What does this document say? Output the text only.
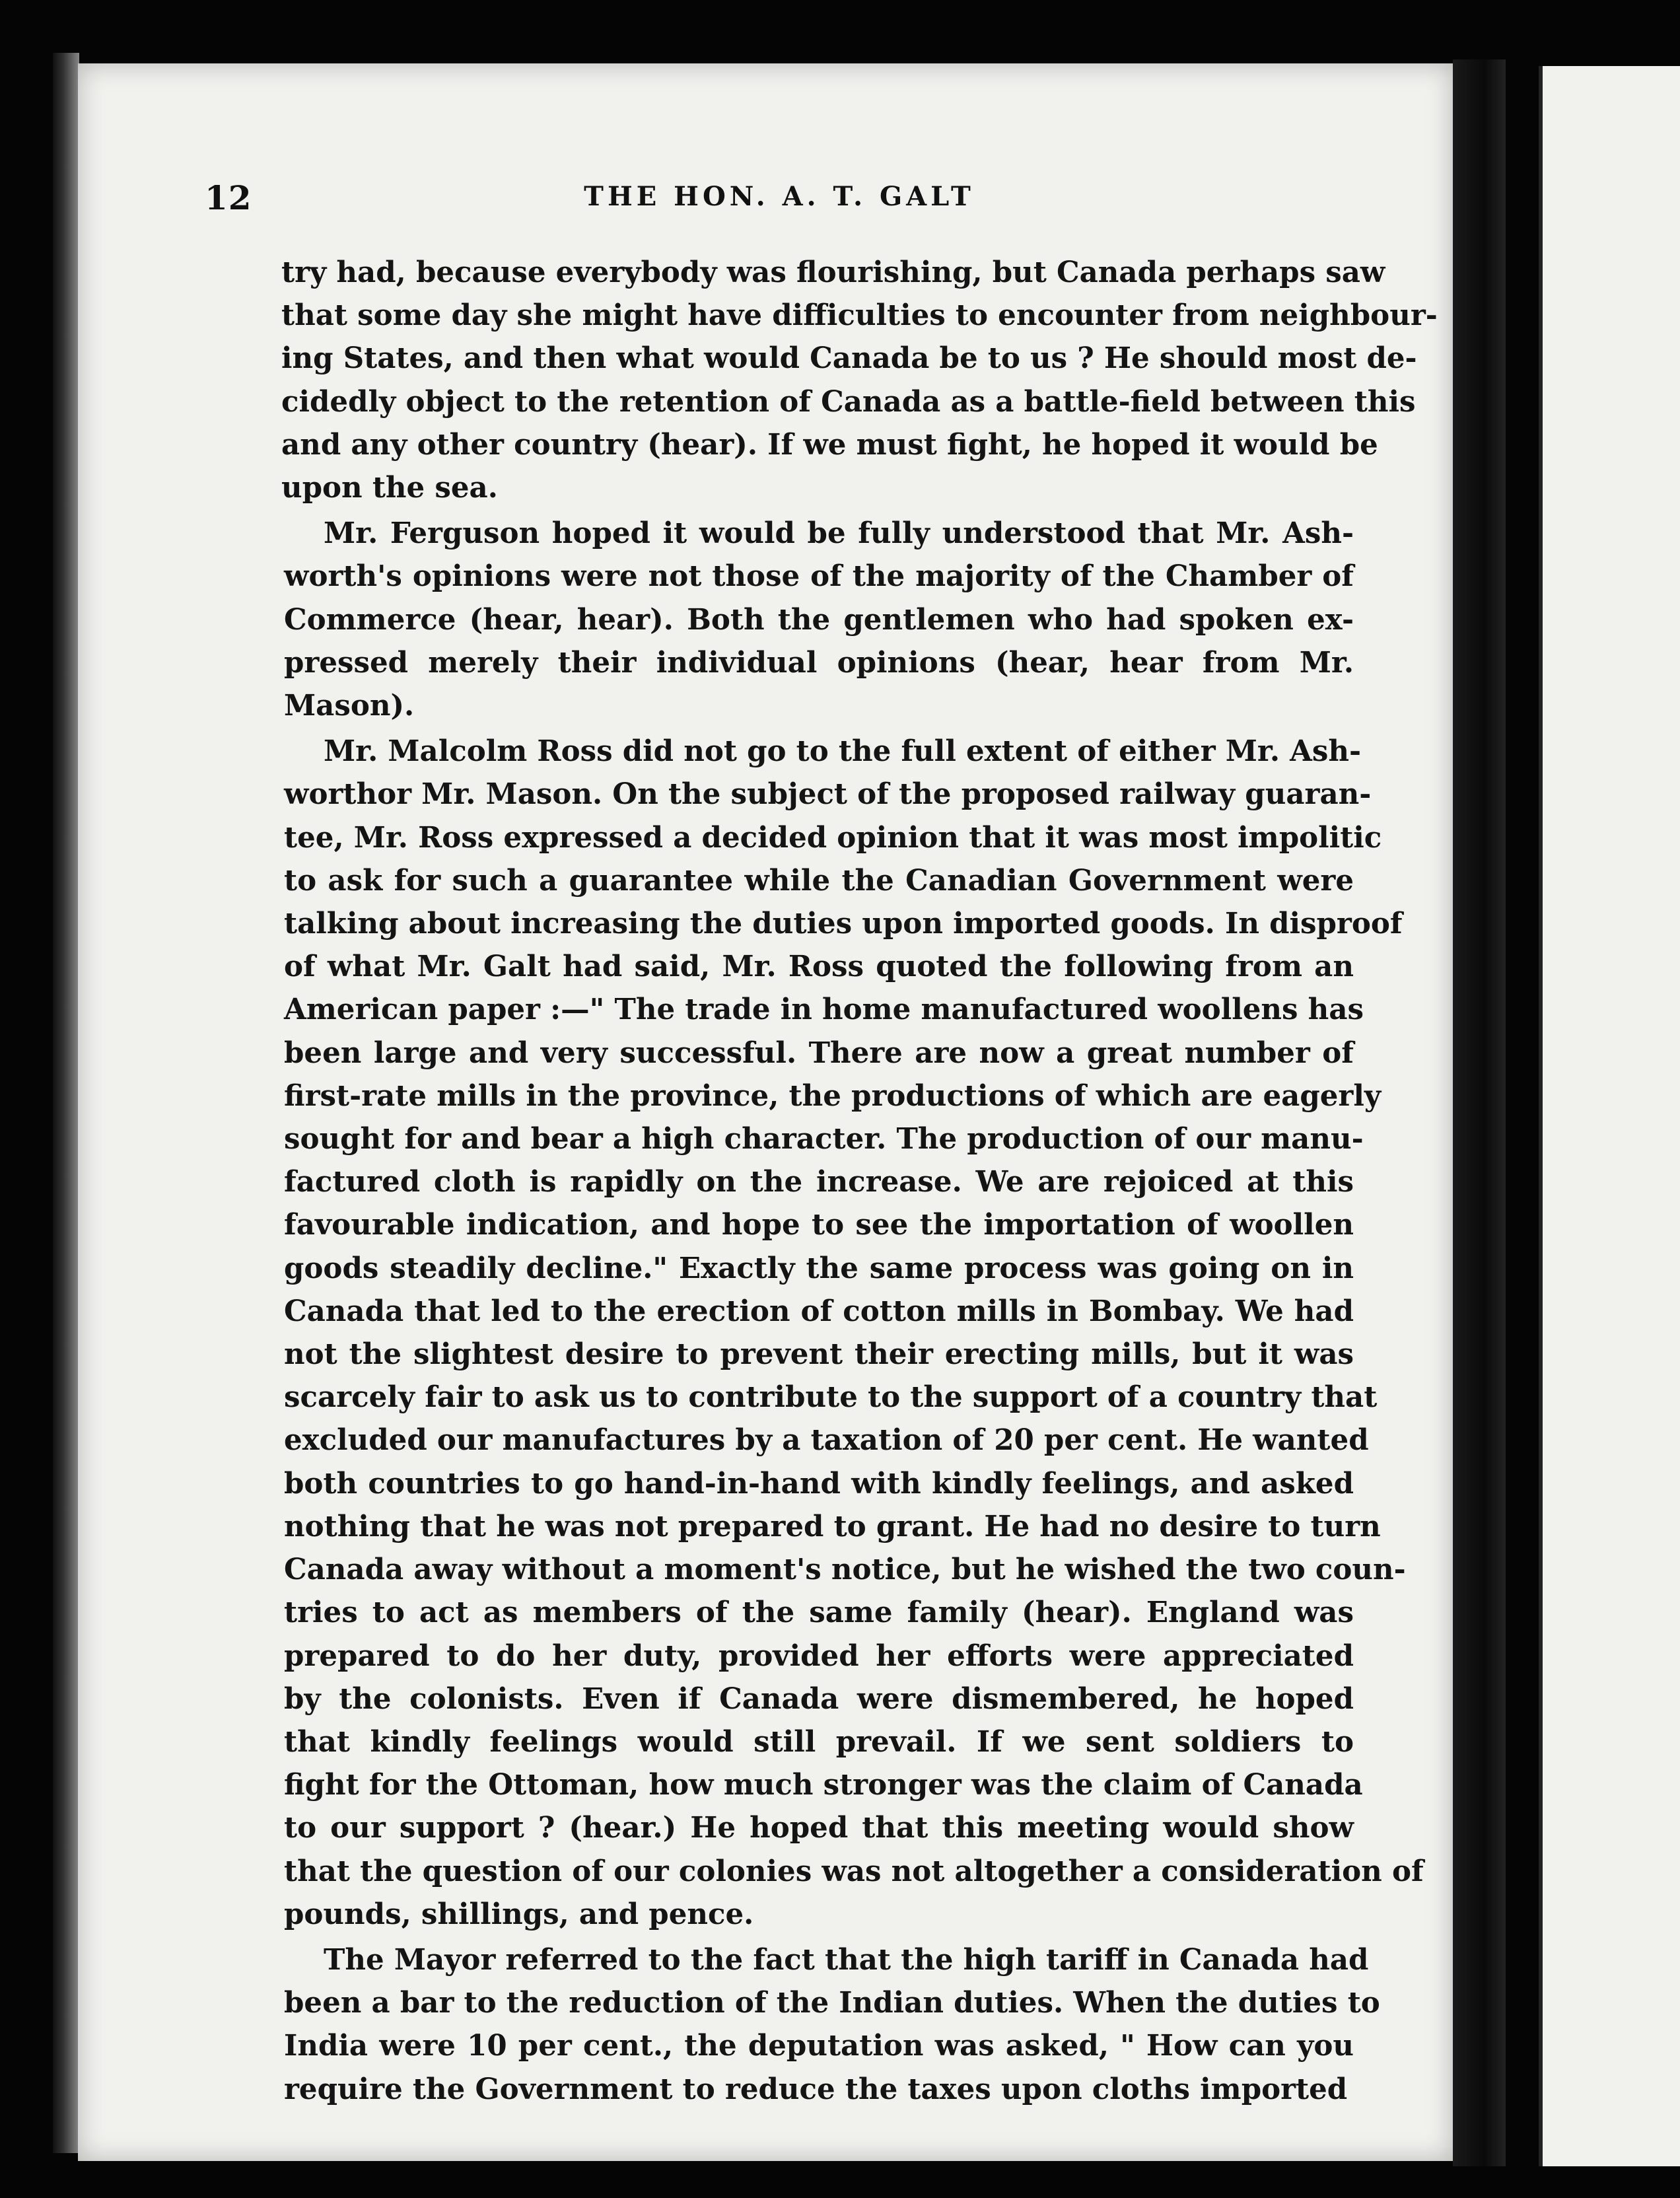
12	THE HON. A. T. GALT

try had, because everybody was flourishing, but Canada perhaps saw
that some day she might have difficulties to encounter from neighbour-
ing States, and then what would Canada be to us ? He should most de-
cidedly object to the retention of Canada as a battle-field between this
and any other country (hear). If we must fight, he hoped it would be
upon the sea.

Mr. Ferguson hoped it would be fully understood that Mr. Ash-
worth's opinions were not those of the majority of the Chamber of
Commerce (hear, hear). Both the gentlemen who had spoken ex-
pressed merely their individual opinions (hear, hear from Mr.
Mason).

Mr. Malcolm Ross did not go to the full extent of either Mr. Ash-
worthor Mr. Mason. On the subject of the proposed railway guaran-
tee, Mr. Ross expressed a decided opinion that it was most impolitic
to ask for such a guarantee while the Canadian Government were
talking about increasing the duties upon imported goods. In disproof
of what Mr. Galt had said, Mr. Ross quoted the following from an
American paper :—" The trade in home manufactured woollens has
been large and very successful. There are now a great number of
first-rate mills in the province, the productions of which are eagerly
sought for and bear a high character. The production of our manu-
factured cloth is rapidly on the increase. We are rejoiced at this
favourable indication, and hope to see the importation of woollen
goods steadily decline." Exactly the same process was going on in
Canada that led to the erection of cotton mills in Bombay. We had
not the slightest desire to prevent their erecting mills, but it was
scarcely fair to ask us to contribute to the support of a country that
excluded our manufactures by a taxation of 20 per cent. He wanted
both countries to go hand-in-hand with kindly feelings, and asked
nothing that he was not prepared to grant. He had no desire to turn
Canada away without a moment's notice, but he wished the two coun-
tries to act as members of the same family (hear). England was
prepared to do her duty, provided her efforts were appreciated
by the colonists. Even if Canada were dismembered, he hoped
that kindly feelings would still prevail. If we sent soldiers to
fight for the Ottoman, how much stronger was the claim of Canada
to our support ? (hear.) He hoped that this meeting would show
that the question of our colonies was not altogether a consideration of
pounds, shillings, and pence.

The Mayor referred to the fact that the high tariff in Canada had
been a bar to the reduction of the Indian duties. When the duties to
India were 10 per cent., the deputation was asked, " How can you
require the Government to reduce the taxes upon cloths imported
